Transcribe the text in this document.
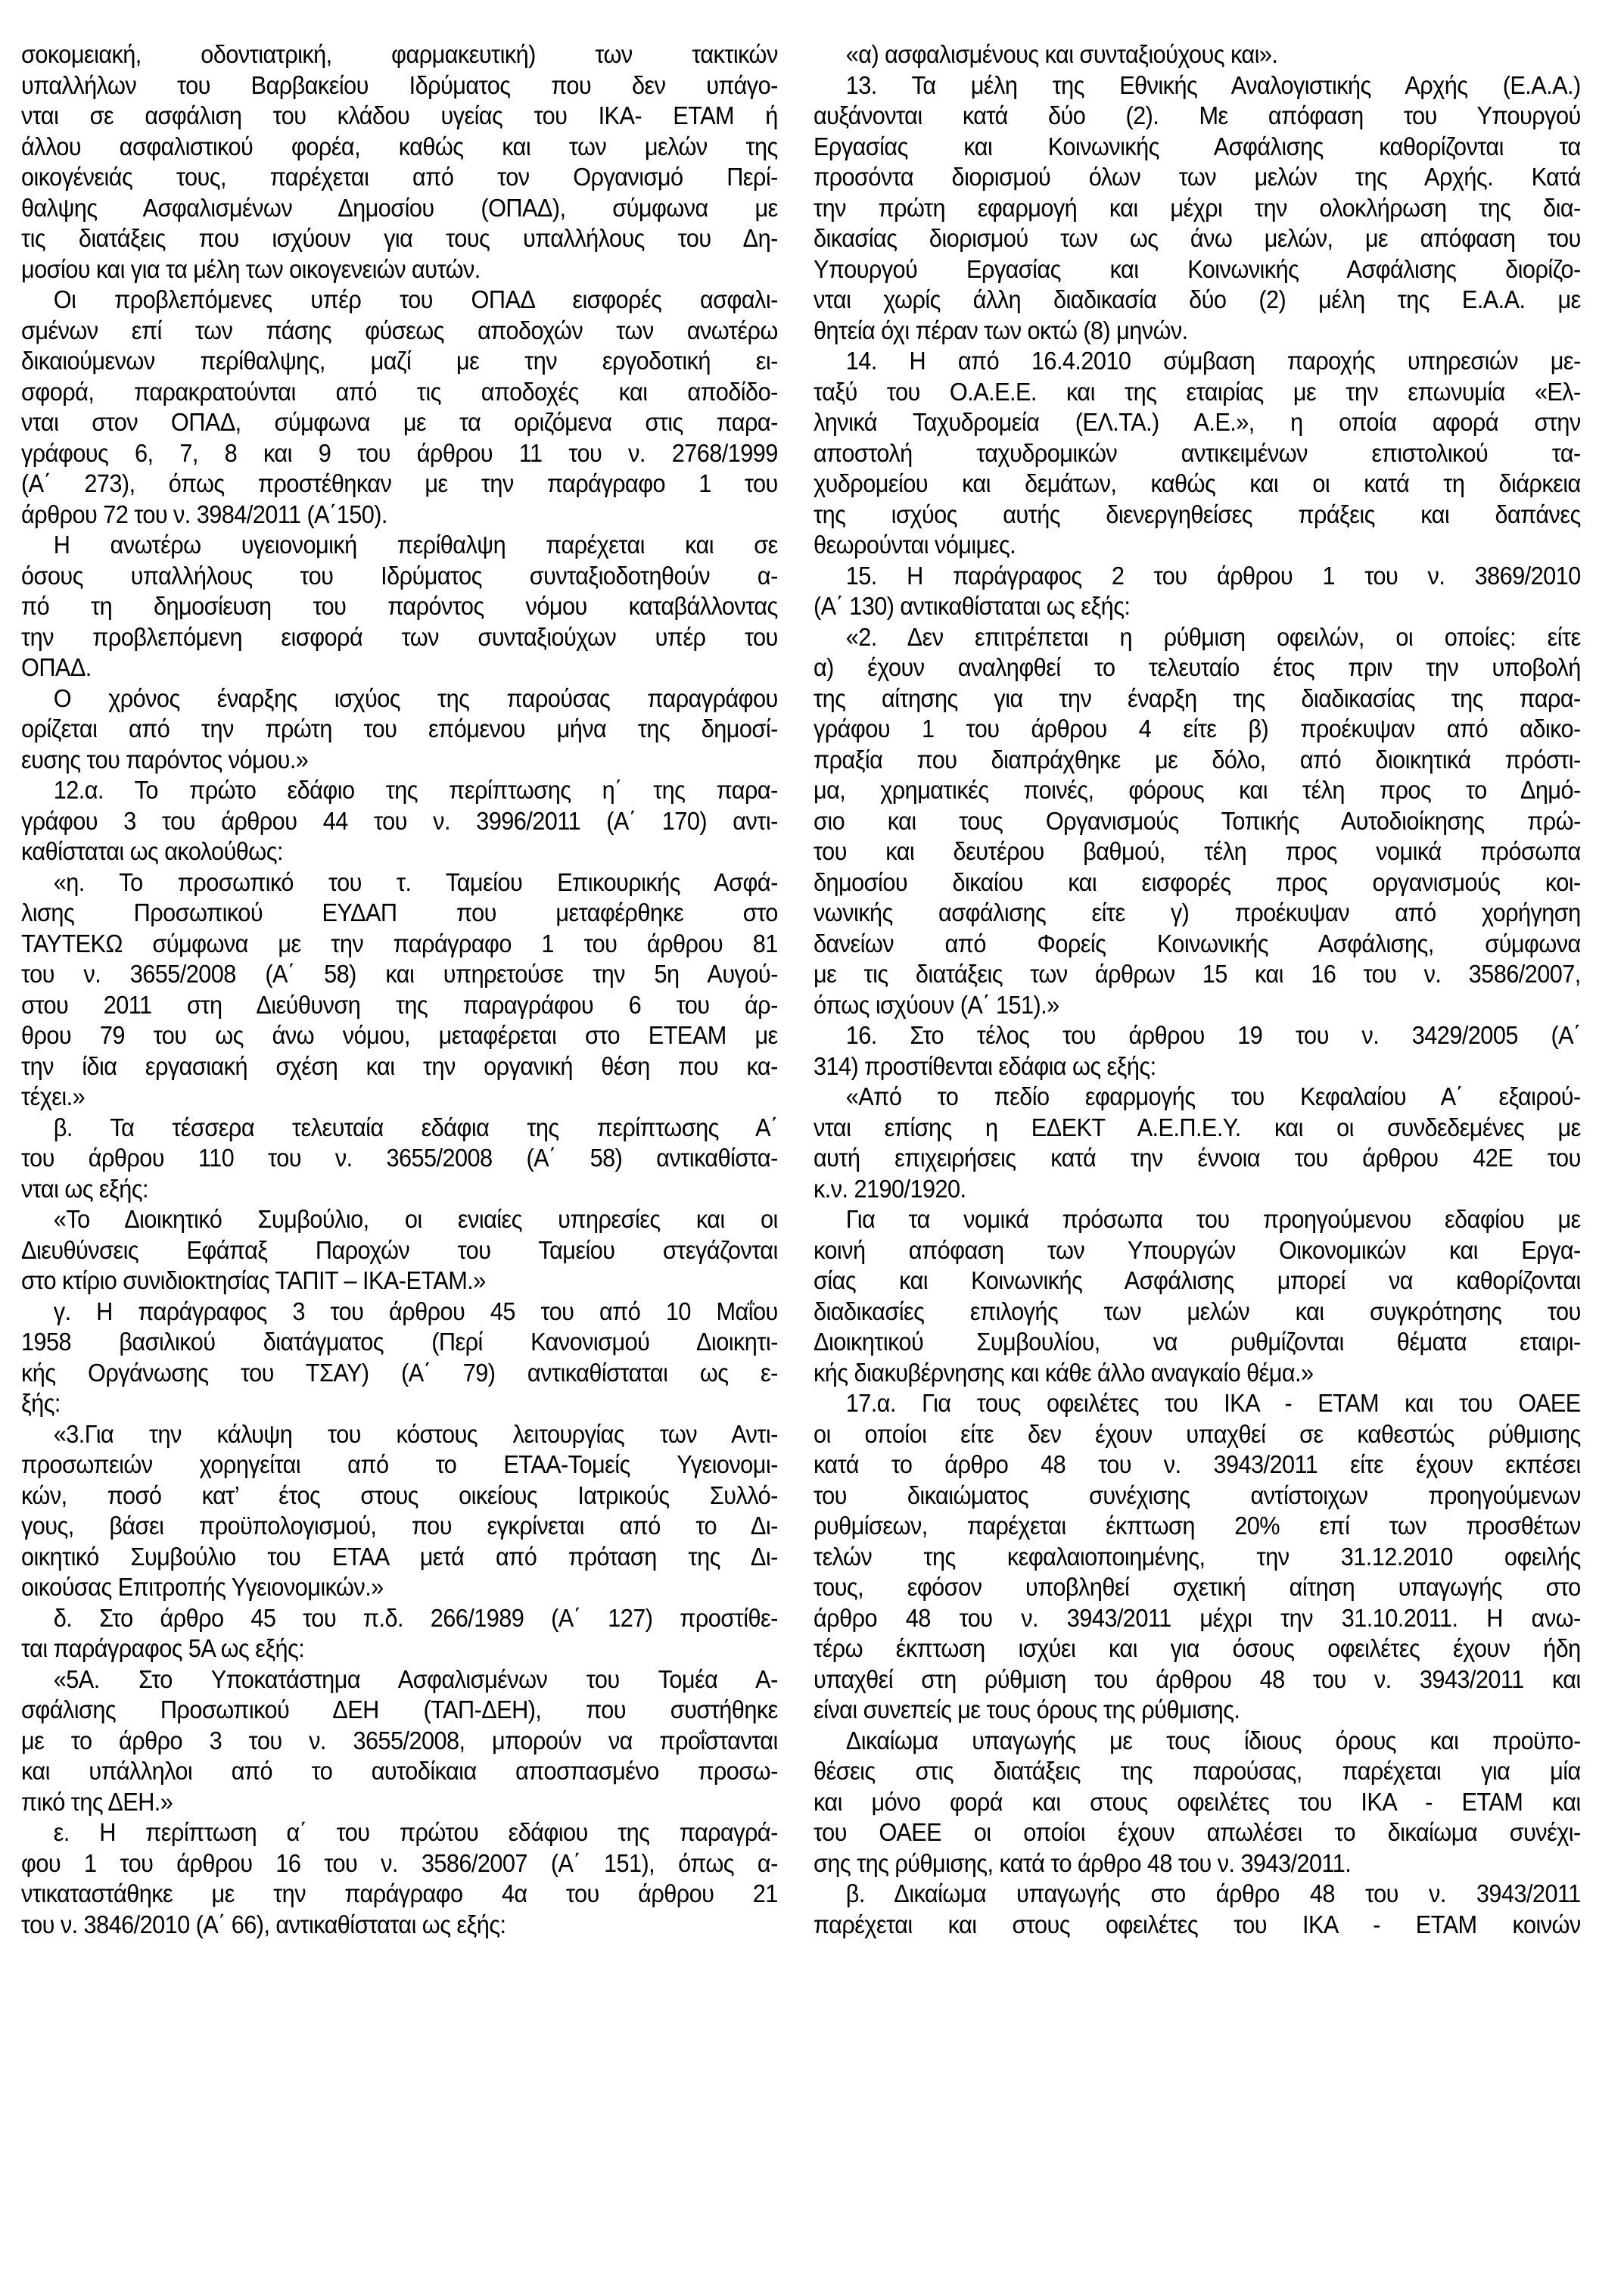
σοκομειακή, οδοντιατρική, φαρμακευτική) των τακτικών
υπαλλήλων του Βαρβακείου Ιδρύματος που δεν υπάγο-
νται σε ασφάλιση του κλάδου υγείας του ΙΚΑ- ΕΤΑΜ ή
άλλου ασφαλιστικού φορέα, καθώς και των μελών της
οικογένειάς τους, παρέχεται από τον Οργανισμό Περί-
θαλψης Ασφαλισμένων Δημοσίου (ΟΠΑΔ), σύμφωνα με
τις διατάξεις που ισχύουν για τους υπαλλήλους του Δη-
μοσίου και για τα μέλη των οικογενειών αυτών.
Οι προβλεπόμενες υπέρ του ΟΠΑΔ εισφορές ασφαλι-
σμένων επί των πάσης φύσεως αποδοχών των ανωτέρω
δικαιούμενων περίθαλψης, μαζί με την εργοδοτική ει-
σφορά, παρακρατούνται από τις αποδοχές και αποδίδο-
νται στον ΟΠΑΔ, σύμφωνα με τα οριζόμενα στις παρα-
γράφους 6, 7, 8 και 9 του άρθρου 11 του ν. 2768/1999
(Α΄ 273), όπως προστέθηκαν με την παράγραφο 1 του
άρθρου 72 του ν. 3984/2011 (Α΄150).
Η ανωτέρω υγειονομική περίθαλψη παρέχεται και σε
όσους υπαλλήλους του Ιδρύματος συνταξιοδοτηθούν α-
πό τη δημοσίευση του παρόντος νόμου καταβάλλοντας
την προβλεπόμενη εισφορά των συνταξιούχων υπέρ του
ΟΠΑΔ.
Ο χρόνος έναρξης ισχύος της παρούσας παραγράφου
ορίζεται από την πρώτη του επόμενου μήνα της δημοσί-
ευσης του παρόντος νόμου.»
12.α. Το πρώτο εδάφιο της περίπτωσης η΄ της παρα-
γράφου 3 του άρθρου 44 του ν. 3996/2011 (Α΄ 170) αντι-
καθίσταται ως ακολούθως:
«η. Το προσωπικό του τ. Ταμείου Επικουρικής Ασφά-
λισης Προσωπικού ΕΥΔΑΠ που μεταφέρθηκε στο
ΤΑΥΤΕΚΩ σύμφωνα με την παράγραφο 1 του άρθρου 81
του ν. 3655/2008 (Α΄ 58) και υπηρετούσε την 5η Αυγού-
στου 2011 στη Διεύθυνση της παραγράφου 6 του άρ-
θρου 79 του ως άνω νόμου, μεταφέρεται στο ΕΤΕΑΜ με
την ίδια εργασιακή σχέση και την οργανική θέση που κα-
τέχει.»
β. Τα τέσσερα τελευταία εδάφια της περίπτωσης Α΄
του άρθρου 110 του ν. 3655/2008 (Α΄ 58) αντικαθίστα-
νται ως εξής:
«Το Διοικητικό Συμβούλιο, οι ενιαίες υπηρεσίες και οι
Διευθύνσεις Εφάπαξ Παροχών του Ταμείου στεγάζονται
στο κτίριο συνιδιοκτησίας ΤΑΠΙΤ – ΙΚΑ-ΕΤΑΜ.»
γ. Η παράγραφος 3 του άρθρου 45 του από 10 Μαΐου
1958 βασιλικού διατάγματος (Περί Κανονισμού Διοικητι-
κής Οργάνωσης του ΤΣΑΥ) (Α΄ 79) αντικαθίσταται ως ε-
ξής:
«3.Για την κάλυψη του κόστους λειτουργίας των Αντι-
προσωπειών χορηγείται από το ΕΤΑΑ-Τομείς Υγειονομι-
κών, ποσό κατ’ έτος στους οικείους Ιατρικούς Συλλό-
γους, βάσει προϋπολογισμού, που εγκρίνεται από το Δι-
οικητικό Συμβούλιο του ΕΤΑΑ μετά από πρόταση της Δι-
οικούσας Επιτροπής Υγειονομικών.»
δ. Στο άρθρο 45 του π.δ. 266/1989 (Α΄ 127) προστίθε-
ται παράγραφος 5Α ως εξής:
«5Α. Στο Υποκατάστημα Ασφαλισμένων του Τομέα Α-
σφάλισης Προσωπικού ΔΕΗ (ΤΑΠ-ΔΕΗ), που συστήθηκε
με το άρθρο 3 του ν. 3655/2008, μπορούν να προΐστανται
και υπάλληλοι από το αυτοδίκαια αποσπασμένο προσω-
πικό της ΔΕΗ.»
ε. Η περίπτωση α΄ του πρώτου εδάφιου της παραγρά-
φου 1 του άρθρου 16 του ν. 3586/2007 (Α΄ 151), όπως α-
ντικαταστάθηκε με την παράγραφο 4α του άρθρου 21
του ν. 3846/2010 (Α΄ 66), αντικαθίσταται ως εξής:
«α) ασφαλισμένους και συνταξιούχους και».
13. Τα μέλη της Εθνικής Αναλογιστικής Αρχής (Ε.Α.Α.)
αυξάνονται κατά δύο (2). Με απόφαση του Υπουργού
Εργασίας και Κοινωνικής Ασφάλισης καθορίζονται τα
προσόντα διορισμού όλων των μελών της Αρχής. Κατά
την πρώτη εφαρμογή και μέχρι την ολοκλήρωση της δια-
δικασίας διορισμού των ως άνω μελών, με απόφαση του
Υπουργού Εργασίας και Κοινωνικής Ασφάλισης διορίζο-
νται χωρίς άλλη διαδικασία δύο (2) μέλη της Ε.Α.Α. με
θητεία όχι πέραν των οκτώ (8) μηνών.
14. Η από 16.4.2010 σύμβαση παροχής υπηρεσιών με-
ταξύ του Ο.Α.Ε.Ε. και της εταιρίας με την επωνυμία «Ελ-
ληνικά Ταχυδρομεία (ΕΛ.ΤΑ.) Α.Ε.», η οποία αφορά στην
αποστολή ταχυδρομικών αντικειμένων επιστολικού τα-
χυδρομείου και δεμάτων, καθώς και οι κατά τη διάρκεια
της ισχύος αυτής διενεργηθείσες πράξεις και δαπάνες
θεωρούνται νόμιμες.
15. Η παράγραφος 2 του άρθρου 1 του ν. 3869/2010
(Α΄ 130) αντικαθίσταται ως εξής:
«2. Δεν επιτρέπεται η ρύθμιση οφειλών, οι οποίες: είτε
α) έχουν αναληφθεί το τελευταίο έτος πριν την υποβολή
της αίτησης για την έναρξη της διαδικασίας της παρα-
γράφου 1 του άρθρου 4 είτε β) προέκυψαν από αδικο-
πραξία που διαπράχθηκε με δόλο, από διοικητικά πρόστι-
μα, χρηματικές ποινές, φόρους και τέλη προς το Δημό-
σιο και τους Οργανισμούς Τοπικής Αυτοδιοίκησης πρώ-
του και δευτέρου βαθμού, τέλη προς νομικά πρόσωπα
δημοσίου δικαίου και εισφορές προς οργανισμούς κοι-
νωνικής ασφάλισης είτε γ) προέκυψαν από χορήγηση
δανείων από Φορείς Κοινωνικής Ασφάλισης, σύμφωνα
με τις διατάξεις των άρθρων 15 και 16 του ν. 3586/2007,
όπως ισχύουν (Α΄ 151).»
16. Στο τέλος του άρθρου 19 του ν. 3429/2005 (Α΄
314) προστίθενται εδάφια ως εξής:
«Από το πεδίο εφαρμογής του Κεφαλαίου Α΄ εξαιρού-
νται επίσης η ΕΔΕΚΤ Α.Ε.Π.Ε.Υ. και οι συνδεδεμένες με
αυτή επιχειρήσεις κατά την έννοια του άρθρου 42Ε του
κ.ν. 2190/1920.
Για τα νομικά πρόσωπα του προηγούμενου εδαφίου με
κοινή απόφαση των Υπουργών Οικονομικών και Εργα-
σίας και Κοινωνικής Ασφάλισης μπορεί να καθορίζονται
διαδικασίες επιλογής των μελών και συγκρότησης του
Διοικητικού Συμβουλίου, να ρυθμίζονται θέματα εταιρι-
κής διακυβέρνησης και κάθε άλλο αναγκαίο θέμα.»
17.α. Για τους οφειλέτες του ΙΚΑ - ΕΤΑΜ και του ΟΑΕΕ
οι οποίοι είτε δεν έχουν υπαχθεί σε καθεστώς ρύθμισης
κατά το άρθρο 48 του ν. 3943/2011 είτε έχουν εκπέσει
του δικαιώματος συνέχισης αντίστοιχων προηγούμενων
ρυθμίσεων, παρέχεται έκπτωση 20% επί των προσθέτων
τελών της κεφαλαιοποιημένης, την 31.12.2010 οφειλής
τους, εφόσον υποβληθεί σχετική αίτηση υπαγωγής στο
άρθρο 48 του ν. 3943/2011 μέχρι την 31.10.2011. Η ανω-
τέρω έκπτωση ισχύει και για όσους οφειλέτες έχουν ήδη
υπαχθεί στη ρύθμιση του άρθρου 48 του ν. 3943/2011 και
είναι συνεπείς με τους όρους της ρύθμισης.
Δικαίωμα υπαγωγής με τους ίδιους όρους και προϋπο-
θέσεις στις διατάξεις της παρούσας, παρέχεται για μία
και μόνο φορά και στους οφειλέτες του ΙΚΑ - ΕΤΑΜ και
του ΟΑΕΕ οι οποίοι έχουν απωλέσει το δικαίωμα συνέχι-
σης της ρύθμισης, κατά το άρθρο 48 του ν. 3943/2011.
β. Δικαίωμα υπαγωγής στο άρθρο 48 του ν. 3943/2011
παρέχεται και στους οφειλέτες του ΙΚΑ - ΕΤΑΜ κοινών
